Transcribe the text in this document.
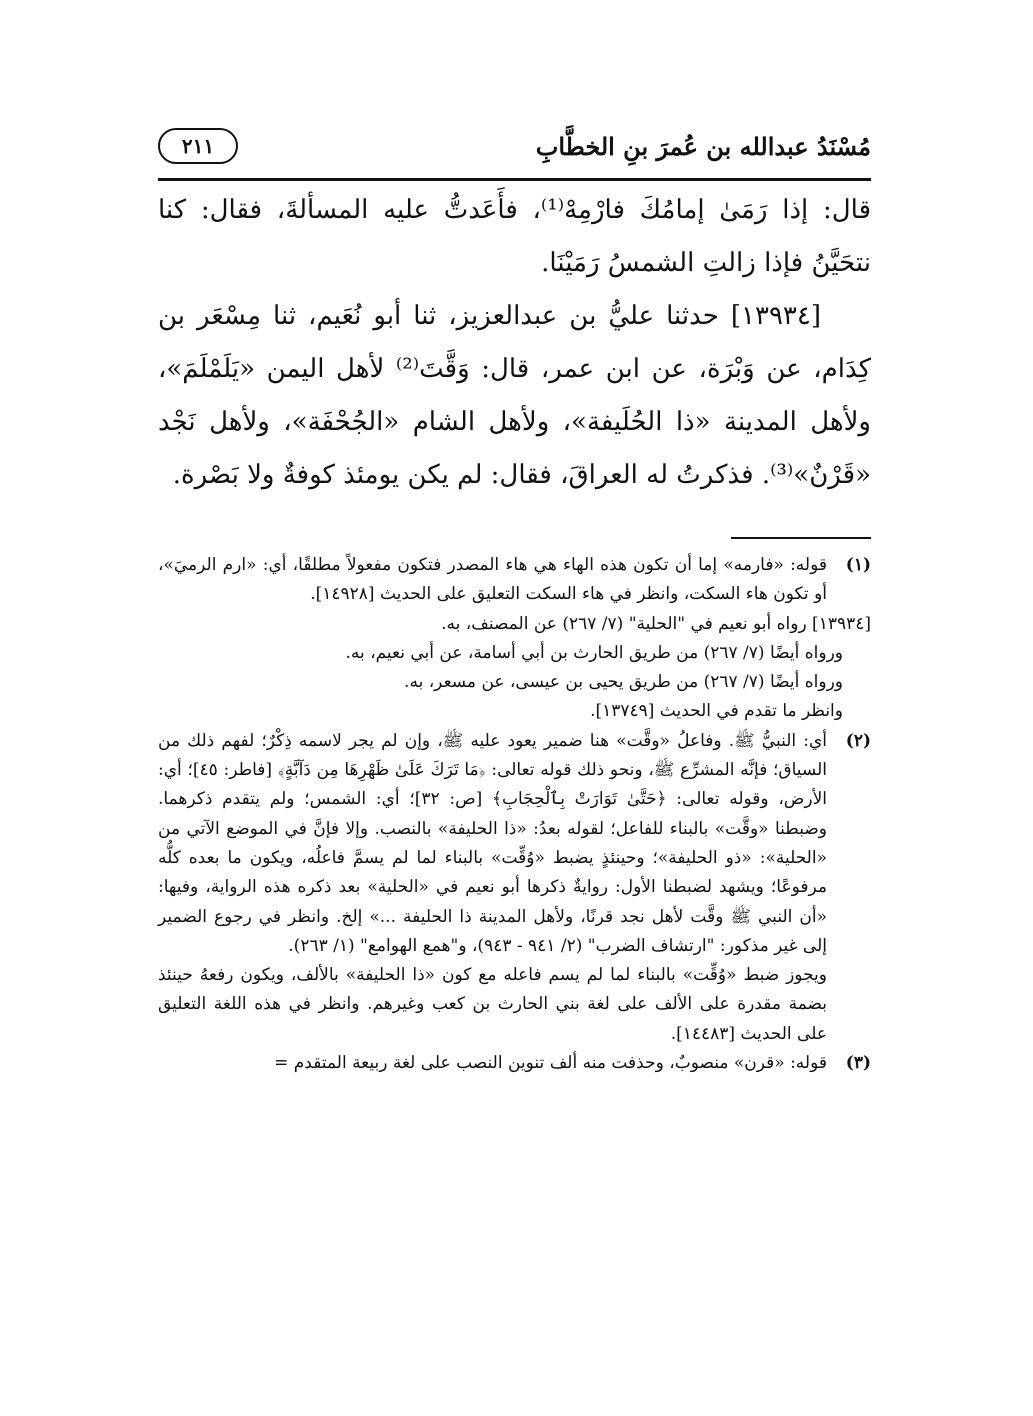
مُسْنَدُ عبدالله بن عُمرَ بنِ الخطَّابِ
٢١١

قال: إذا رَمَىٰ إمامُكَ فارْمِهْ⁽¹⁾، فأَعَدتُّ عليه المسألةَ، فقال: كنا نتحَيَّنُ فإذا زالتِ الشمسُ رَمَيْنَا.

[١٣٩٣٤] حدثنا عليُّ بن عبدالعزيز، ثنا أبو نُعَيم، ثنا مِسْعَر بن كِدَام، عن وَبْرَة، عن ابن عمر، قال: وَقَّتَ⁽²⁾ لأهل اليمن «يَلَمْلَمَ»، ولأهل المدينة «ذا الحُلَيفة»، ولأهل الشام «الجُحْفَة»، ولأهل نَجْد «قَرْنٌ»⁽³⁾. فذكرتُ له العراقَ، فقال: لم يكن يومئذ كوفةٌ ولا بَصْرة.

(١)
قوله: «فارمه» إما أن تكون هذه الهاء هي هاء المصدر فتكون مفعولاً مطلقًا، أي: «ارم الرميَ»، أو تكون هاء السكت، وانظر في هاء السكت التعليق على الحديث [١٤٩٢٨].

[١٣٩٣٤] رواه أبو نعيم في "الحلية" (٧/ ٢٦٧) عن المصنف، به.

ورواه أيضًا (٧/ ٢٦٧) من طريق الحارث بن أبي أسامة، عن أبي نعيم، به.

ورواه أيضًا (٧/ ٢٦٧) من طريق يحيى بن عيسى، عن مسعر، به.

وانظر ما تقدم في الحديث [١٣٧٤٩].

(٢)
أي: النبيُّ ﷺ. وفاعلُ «وقَّت» هنا ضمير يعود عليه ﷺ، وإن لم يجر لاسمه ذِكْرٌ؛ لفهم ذلك من السياق؛ فإنَّه المشرِّع ﷺ، ونحو ذلك قوله تعالى: ﴿مَا تَرَكَ عَلَىٰ ظَهْرِهَا مِن دَآبَّةٍ﴾ [فاطر: ٤٥]؛ أي: الأرض، وقوله تعالى: ﴿حَتَّىٰ تَوَارَتْ بِٱلْحِجَابِ﴾ [ص: ٣٢]؛ أي: الشمس؛ ولم يتقدم ذكرهما. وضبطنا «وقَّت» بالبناء للفاعل؛ لقوله بعدُ: «ذا الحليفة» بالنصب. وإلا فإنَّ في الموضع الآتي من «الحلية»: «ذو الحليفة»؛ وحينئذٍ يضبط «وُقِّت» بالبناء لما لم يسمَّ فاعلُه، ويكون ما بعده كلُّه مرفوعًا؛ ويشهد لضبطنا الأول: روايةٌ ذكرها أبو نعيم في «الحلية» بعد ذكره هذه الرواية، وفيها: «أن النبي ﷺ وقَّت لأهل نجد قرنًا، ولأهل المدينة ذا الحليفة ...» إلخ. وانظر في رجوع الضمير إلى غير مذكور: "ارتشاف الضرب" (٢/ ٩٤١ - ٩٤٣)، و"همع الهوامع" (١/ ٢٦٣).
ويجوز ضبط «وُقِّت» بالبناء لما لم يسم فاعله مع كون «ذا الحليفة» بالألف، ويكون رفعهُ حينئذ بضمة مقدرة على الألف على لغة بني الحارث بن كعب وغيرهم. وانظر في هذه اللغة التعليق على الحديث [١٤٤٨٣].
(٣)
قوله: «قرن» منصوبٌ، وحذفت منه ألف تنوين النصب على لغة ربيعة المتقدم =
